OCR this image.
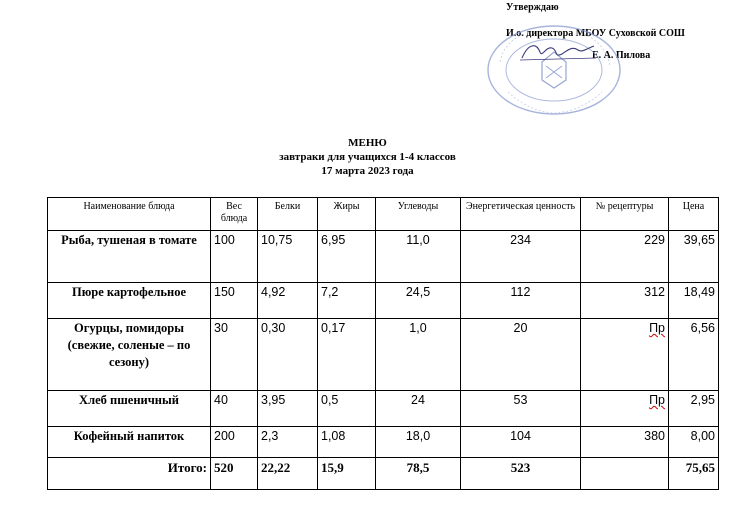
Утверждаю
И.о. директора МБОУ Суховской СОШ
Е. А. Пилова
МЕНЮ
завтраки для учащихся 1-4 классов
17 марта 2023 года
Наименование блюда	Вес блюда	Белки	Жиры	Углеводы	Энергетическая ценность	№ рецептуры	Цена
Рыба, тушеная в томате	100	10,75	6,95	11,0	234	229	39,65
Пюре картофельное	150	4,92	7,2	24,5	112	312	18,49
Огурцы, помидоры (свежие, соленые – по сезону)	30	0,30	0,17	1,0	20	Пр	6,56
Хлеб пшеничный	40	3,95	0,5	24	53	Пр	2,95
Кофейный напиток	200	2,3	1,08	18,0	104	380	8,00
Итого:	520	22,22	15,9	78,5	523		75,65
